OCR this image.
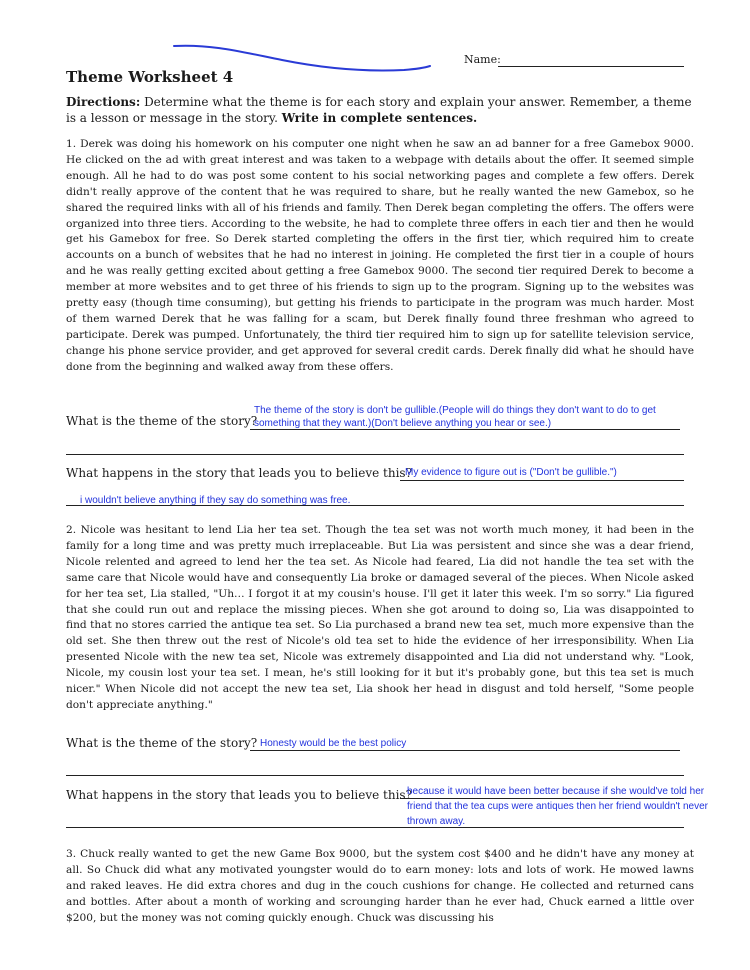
Name:
Theme Worksheet 4
Directions: Determine what the theme is for each story and explain your answer. Remember, a theme is a lesson or message in the story. Write in complete sentences.
1. Derek was doing his homework on his computer one night when he saw an ad banner for a free Gamebox 9000. He clicked on the ad with great interest and was taken to a webpage with details about the offer. It seemed simple enough. All he had to do was post some content to his social networking pages and complete a few offers. Derek didn't really approve of the content that he was required to share, but he really wanted the new Gamebox, so he shared the required links with all of his friends and family. Then Derek began completing the offers. The offers were organized into three tiers. According to the website, he had to complete three offers in each tier and then he would get his Gamebox for free. So Derek started completing the offers in the first tier, which required him to create accounts on a bunch of websites that he had no interest in joining. He completed the first tier in a couple of hours and he was really getting excited about getting a free Gamebox 9000. The second tier required Derek to become a member at more websites and to get three of his friends to sign up to the program. Signing up to the websites was pretty easy (though time consuming), but getting his friends to participate in the program was much harder. Most of them warned Derek that he was falling for a scam, but Derek finally found three freshman who agreed to participate. Derek was pumped. Unfortunately, the third tier required him to sign up for satellite television service, change his phone service provider, and get approved for several credit cards. Derek finally did what he should have done from the beginning and walked away from these offers.
What is the theme of the story?
The theme of the story is don't be gullible.(People will do things they don't want to do to get
something that they want.)(Don't believe anything you hear or see.)
What happens in the story that leads you to believe this?
My evidence to figure out is ("Don't be gullible.")
i wouldn't believe anything if they say do something was free.
2. Nicole was hesitant to lend Lia her tea set. Though the tea set was not worth much money, it had been in the family for a long time and was pretty much irreplaceable. But Lia was persistent and since she was a dear friend, Nicole relented and agreed to lend her the tea set. As Nicole had feared, Lia did not handle the tea set with the same care that Nicole would have and consequently Lia broke or damaged several of the pieces. When Nicole asked for her tea set, Lia stalled, "Uh… I forgot it at my cousin's house. I'll get it later this week. I'm so sorry." Lia figured that she could run out and replace the missing pieces. When she got around to doing so, Lia was disappointed to find that no stores carried the antique tea set. So Lia purchased a brand new tea set, much more expensive than the old set. She then threw out the rest of Nicole's old tea set to hide the evidence of her irresponsibility. When Lia presented Nicole with the new tea set, Nicole was extremely disappointed and Lia did not understand why. "Look, Nicole, my cousin lost your tea set. I mean, he's still looking for it but it's probably gone, but this tea set is much nicer." When Nicole did not accept the new tea set, Lia shook her head in disgust and told herself, "Some people don't appreciate anything."
What is the theme of the story? Honesty would be the best policy
What happens in the story that leads you to believe this?
because it would have been better because if she would've told her
friend that the tea cups were antiques then her friend wouldn't never
thrown away.
3. Chuck really wanted to get the new Game Box 9000, but the system cost $400 and he didn't have any money at all. So Chuck did what any motivated youngster would do to earn money: lots and lots of work. He mowed lawns and raked leaves. He did extra chores and dug in the couch cushions for change. He collected and returned cans and bottles. After about a month of working and scrounging harder than he ever had, Chuck earned a little over $200, but the money was not coming quickly enough. Chuck was discussing his
